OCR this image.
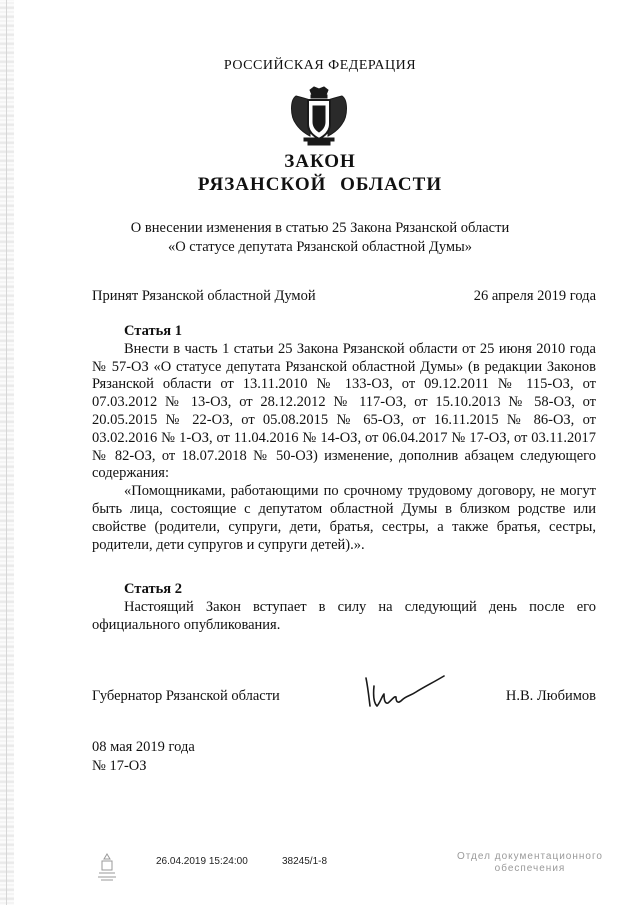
РОССИЙСКАЯ ФЕДЕРАЦИЯ
ЗАКОН
РЯЗАНСКОЙ ОБЛАСТИ
О внесении изменения в статью 25 Закона Рязанской области
«О статусе депутата Рязанской областной Думы»
Принят Рязанской областной Думой	26 апреля 2019 года
Статья 1
Внести в часть 1 статьи 25 Закона Рязанской области от 25 июня 2010 года № 57-ОЗ «О статусе депутата Рязанской областной Думы» (в редакции Законов Рязанской области от 13.11.2010 № 133-ОЗ, от 09.12.2011 № 115-ОЗ, от 07.03.2012 № 13-ОЗ, от 28.12.2012 № 117-ОЗ, от 15.10.2013 № 58-ОЗ, от 20.05.2015 № 22-ОЗ, от 05.08.2015 № 65-ОЗ, от 16.11.2015 № 86-ОЗ, от 03.02.2016 № 1-ОЗ, от 11.04.2016 № 14-ОЗ, от 06.04.2017 № 17-ОЗ, от 03.11.2017 № 82-ОЗ, от 18.07.2018 № 50-ОЗ) изменение, дополнив абзацем следующего содержания:
«Помощниками, работающими по срочному трудовому договору, не могут быть лица, состоящие с депутатом областной Думы в близком родстве или свойстве (родители, супруги, дети, братья, сестры, а также братья, сестры, родители, дети супругов и супруги детей).».
Статья 2
Настоящий Закон вступает в силу на следующий день после его официального опубликования.
Губернатор Рязанской области	Н.В. Любимов
08 мая 2019 года
№ 17-ОЗ
26.04.2019 15:24:00	38245/1-8	Отдел документационного
обеспечения
